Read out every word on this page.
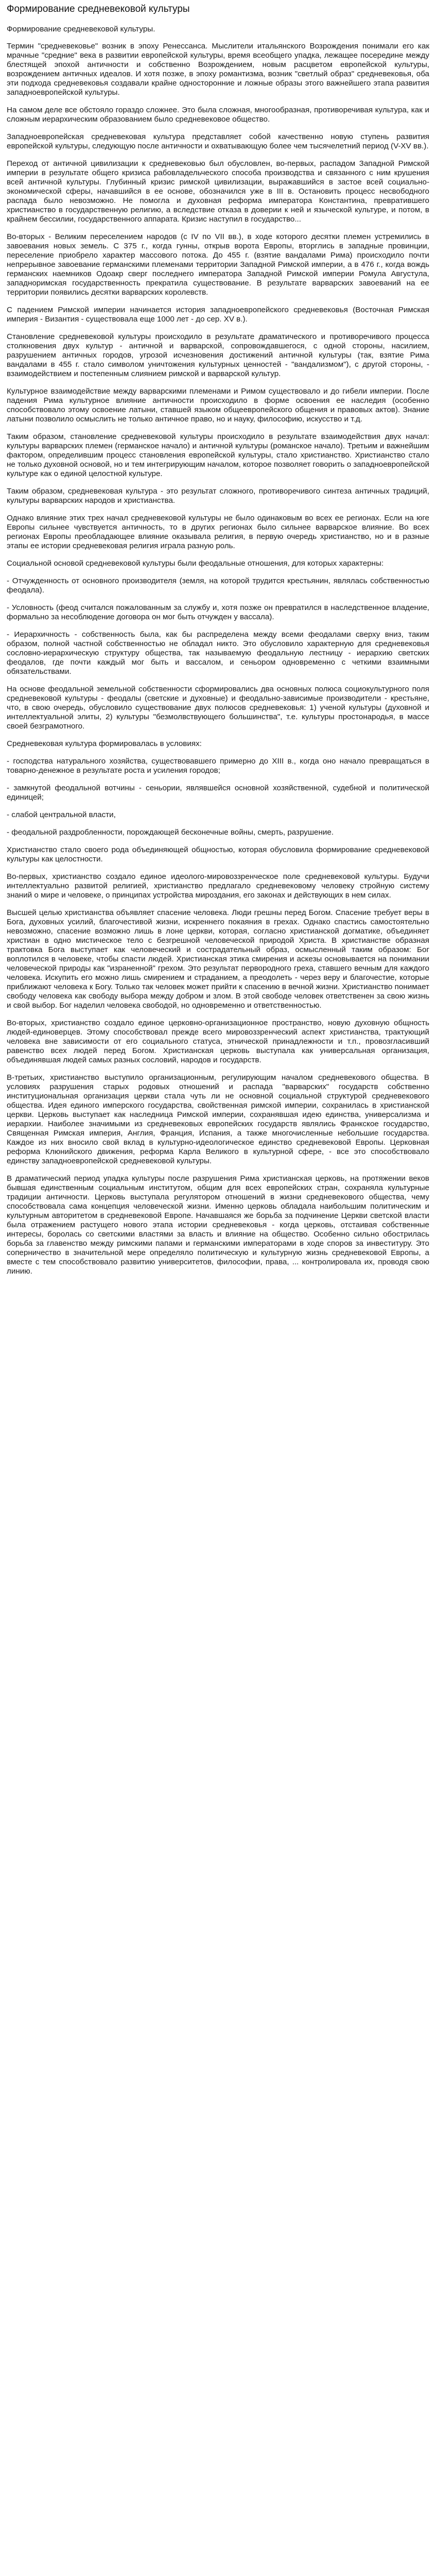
Формирование средневековой культуры

Формирование средневековой культуры.

Термин "средневековье" возник в эпоху Ренессанса. Мыслители итальянского Возрождения понимали его как мрачные "средние" века в развитии европейской культуры, время всеобщего упадка, лежащее посередине между блестящей эпохой античности и собственно Возрождением, новым расцветом европейской культуры, возрождением античных идеалов. И хотя позже, в эпоху романтизма, возник "светлый образ" средневековья, оба эти подхода средневековья создавали крайне односторонние и ложные образы этого важнейшего этапа развития западноевропейской культуры.

На самом деле все обстояло гораздо сложнее. Это была сложная, многообразная, противоречивая культура, как и сложным иерархическим образованием было средневековое общество.

Западноевропейская средневековая культура представляет собой качественно новую ступень развития европейской культуры, следующую после античности и охватывающую более чем тысячелетний период (V-XV вв.).

Переход от античной цивилизации к средневековью был обусловлен, во-первых, распадом Западной Римской империи в результате общего кризиса рабовладельческого способа производства и связанного с ним крушения всей античной культуры. Глубинный кризис римской цивилизации, выражавшийся в застое всей социально-экономической сферы, начавшийся в ее основе, обозначился уже в III в. Остановить процесс несвободного распада было невозможно. Не помогла и духовная реформа императора Константина, превратившего христианство в государственную религию, а вследствие отказа в доверии к ней и языческой культуре, и потом, в крайнем бессилии, государственного аппарата. Кризис наступил в государство...

Во-вторых - Великим переселением народов (с IV по VII вв.), в ходе которого десятки племен устремились в завоевания новых земель. С 375 г., когда гунны, открыв ворота Европы, вторглись в западные провинции, переселение приобрело характер массового потока. До 455 г. (взятие вандалами Рима) происходило почти непрерывное завоевание германскими племенами территории Западной Римской империи, а в 476 г., когда вождь германских наемников Одоакр сверг последнего императора Западной Римской империи Ромула Августула, западноримская государственность прекратила существование. В результате варварских завоеваний на ее территории появились десятки варварских королевств.

С падением Римской империи начинается история западноевропейского средневековья (Восточная Римская империя - Византия - существовала еще 1000 лет - до сер. XV в.).

Становление средневековой культуры происходило в результате драматического и противоречивого процесса столкновения двух культур - античной и варварской, сопровождавшегося, с одной стороны, насилием, разрушением античных городов, угрозой исчезновения достижений античной культуры (так, взятие Рима вандалами в 455 г. стало символом уничтожения культурных ценностей - "вандализмом"), с другой стороны, - взаимодействием и постепенным слиянием римской и варварской культур.

Культурное взаимодействие между варварскими племенами и Римом существовало и до гибели империи. После падения Рима культурное влияние античности происходило в форме освоения ее наследия (особенно способствовало этому освоение латыни, ставшей языком общеевропейского общения и правовых актов). Знание латыни позволило осмыслить не только античное право, но и науку, философию, искусство и т.д.

Таким образом, становление средневековой культуры происходило в результате взаимодействия двух начал: культуры варварских племен (германское начало) и античной культуры (романское начало). Третьим и важнейшим фактором, определившим процесс становления европейской культуры, стало христианство. Христианство стало не только духовной основой, но и тем интегрирующим началом, которое позволяет говорить о западноевропейской культуре как о единой целостной культуре.

Таким образом, средневековая культура - это результат сложного, противоречивого синтеза античных традиций, культуры варварских народов и христианства.

Однако влияние этих трех начал средневековой культуры не было одинаковым во всех ее регионах. Если на юге Европы сильнее чувствуется античность, то в других регионах было сильнее варварское влияние. Во всех регионах Европы преобладающее влияние оказывала религия, в первую очередь христианство, но и в разные этапы ее истории средневековая религия играла разную роль.

Социальной основой средневековой культуры были феодальные отношения, для которых характерны:

- Отчужденность от основного производителя (земля, на которой трудится крестьянин, являлась собственностью феодала).

- Условность (феод считался пожалованным за службу и, хотя позже он превратился в наследственное владение, формально за несоблюдение договора он мог быть отчужден у вассала).

- Иерархичность - собственность была, как бы распределена между всеми феодалами сверху вниз, таким образом, полной частной собственностью не обладал никто. Это обусловило характерную для средневековья сословно-иерархическую структуру общества, так называемую феодальную лестницу - иерархию светских феодалов, где почти каждый мог быть и вассалом, и сеньором одновременно с четкими взаимными обязательствами.

На основе феодальной земельной собственности сформировались два основных полюса социокультурного поля средневековой культуры - феодалы (светские и духовные) и феодально-зависимые производители - крестьяне, что, в свою очередь, обусловило существование двух полюсов средневековья: 1) ученой культуры (духовной и интеллектуальной элиты, 2) культуры "безмолвствующего большинства", т.е. культуры простонародья, в массе своей безграмотного.

Средневековая культура формировалась в условиях:

- господства натурального хозяйства, существовавшего примерно до XIII в., когда оно начало превращаться в товарно-денежное в результате роста и усиления городов;

- замкнутой феодальной вотчины - сеньории, являвшейся основной хозяйственной, судебной и политической единицей;

- слабой центральной власти,

- феодальной раздробленности, порождающей бесконечные войны, смерть, разрушение.

Христианство стало своего рода объединяющей общностью, которая обусловила формирование средневековой культуры как целостности.

Во-первых, христианство создало единое идеолого-мировоззренческое поле средневековой культуры. Будучи интеллектуально развитой религией, христианство предлагало средневековому человеку стройную систему знаний о мире и человеке, о принципах устройства мироздания, его законах и действующих в нем силах.

Высшей целью христианства объявляет спасение человека. Люди грешны перед Богом. Спасение требует веры в Бога, духовных усилий, благочестивой жизни, искреннего покаяния в грехах. Однако спастись самостоятельно невозможно, спасение возможно лишь в лоне церкви, которая, согласно христианской догматике, объединяет христиан в одно мистическое тело с безгрешной человеческой природой Христа. В христианстве образная трактовка Бога выступает как человеческий и сострадательный образ, осмысленный таким образом: Бог воплотился в человеке, чтобы спасти людей. Христианская этика смирения и аскезы основывается на понимании человеческой природы как "израненной" грехом. Это результат первородного греха, ставшего вечным для каждого человека. Искупить его можно лишь смирением и страданием, а преодолеть - через веру и благочестие, которые приближают человека к Богу. Только так человек может прийти к спасению в вечной жизни. Христианство понимает свободу человека как свободу выбора между добром и злом. В этой свободе человек ответственен за свою жизнь и свой выбор. Бог наделил человека свободой, но одновременно и ответственностью.

Во-вторых, христианство создало единое церковно-организационное пространство, новую духовную общность людей-единоверцев. Этому способствовал прежде всего мировоззренческий аспект христианства, трактующий человека вне зависимости от его социального статуса, этнической принадлежности и т.п., провозгласивший равенство всех людей перед Богом. Христианская церковь выступала как универсальная организация, объединявшая людей самых разных сословий, народов и государств.

В-третьих, христианство выступило организационным, регулирующим началом средневекового общества. В условиях разрушения старых родовых отношений и распада "варварских" государств собственно институциональная организация церкви стала чуть ли не основной социальной структурой средневекового общества. Идея единого имперского государства, свойственная римской империи, сохранилась в христианской церкви. Церковь выступает как наследница Римской империи, сохранявшая идею единства, универсализма и иерархии. Наиболее значимыми из средневековых европейских государств являлись Франкское государство, Священная Римская империя, Англия, Франция, Испания, а также многочисленные небольшие государства. Каждое из них вносило свой вклад в культурно-идеологическое единство средневековой Европы. Церковная реформа Клюнийского движения, реформа Карла Великого в культурной сфере, - все это способствовало единству западноевропейской средневековой культуры.

В драматический период упадка культуры после разрушения Рима христианская церковь, на протяжении веков бывшая единственным социальным институтом, общим для всех европейских стран, сохраняла культурные традиции античности. Церковь выступала регулятором отношений в жизни средневекового общества, чему способствовала сама концепция человеческой жизни. Именно церковь обладала наибольшим политическим и культурным авторитетом в средневековой Европе. Начавшаяся же борьба за подчинение Церкви светской власти была отражением растущего нового этапа истории средневековья - когда церковь, отстаивая собственные интересы, боролась со светскими властями за власть и влияние на общество. Особенно сильно обострилась борьба за главенство между римскими папами и германскими императорами в ходе споров за инвеституру. Это соперничество в значительной мере определяло политическую и культурную жизнь средневековой Европы, а вместе с тем способствовало развитию университетов, философии, права, ... контролировала их, проводя свою линию.
